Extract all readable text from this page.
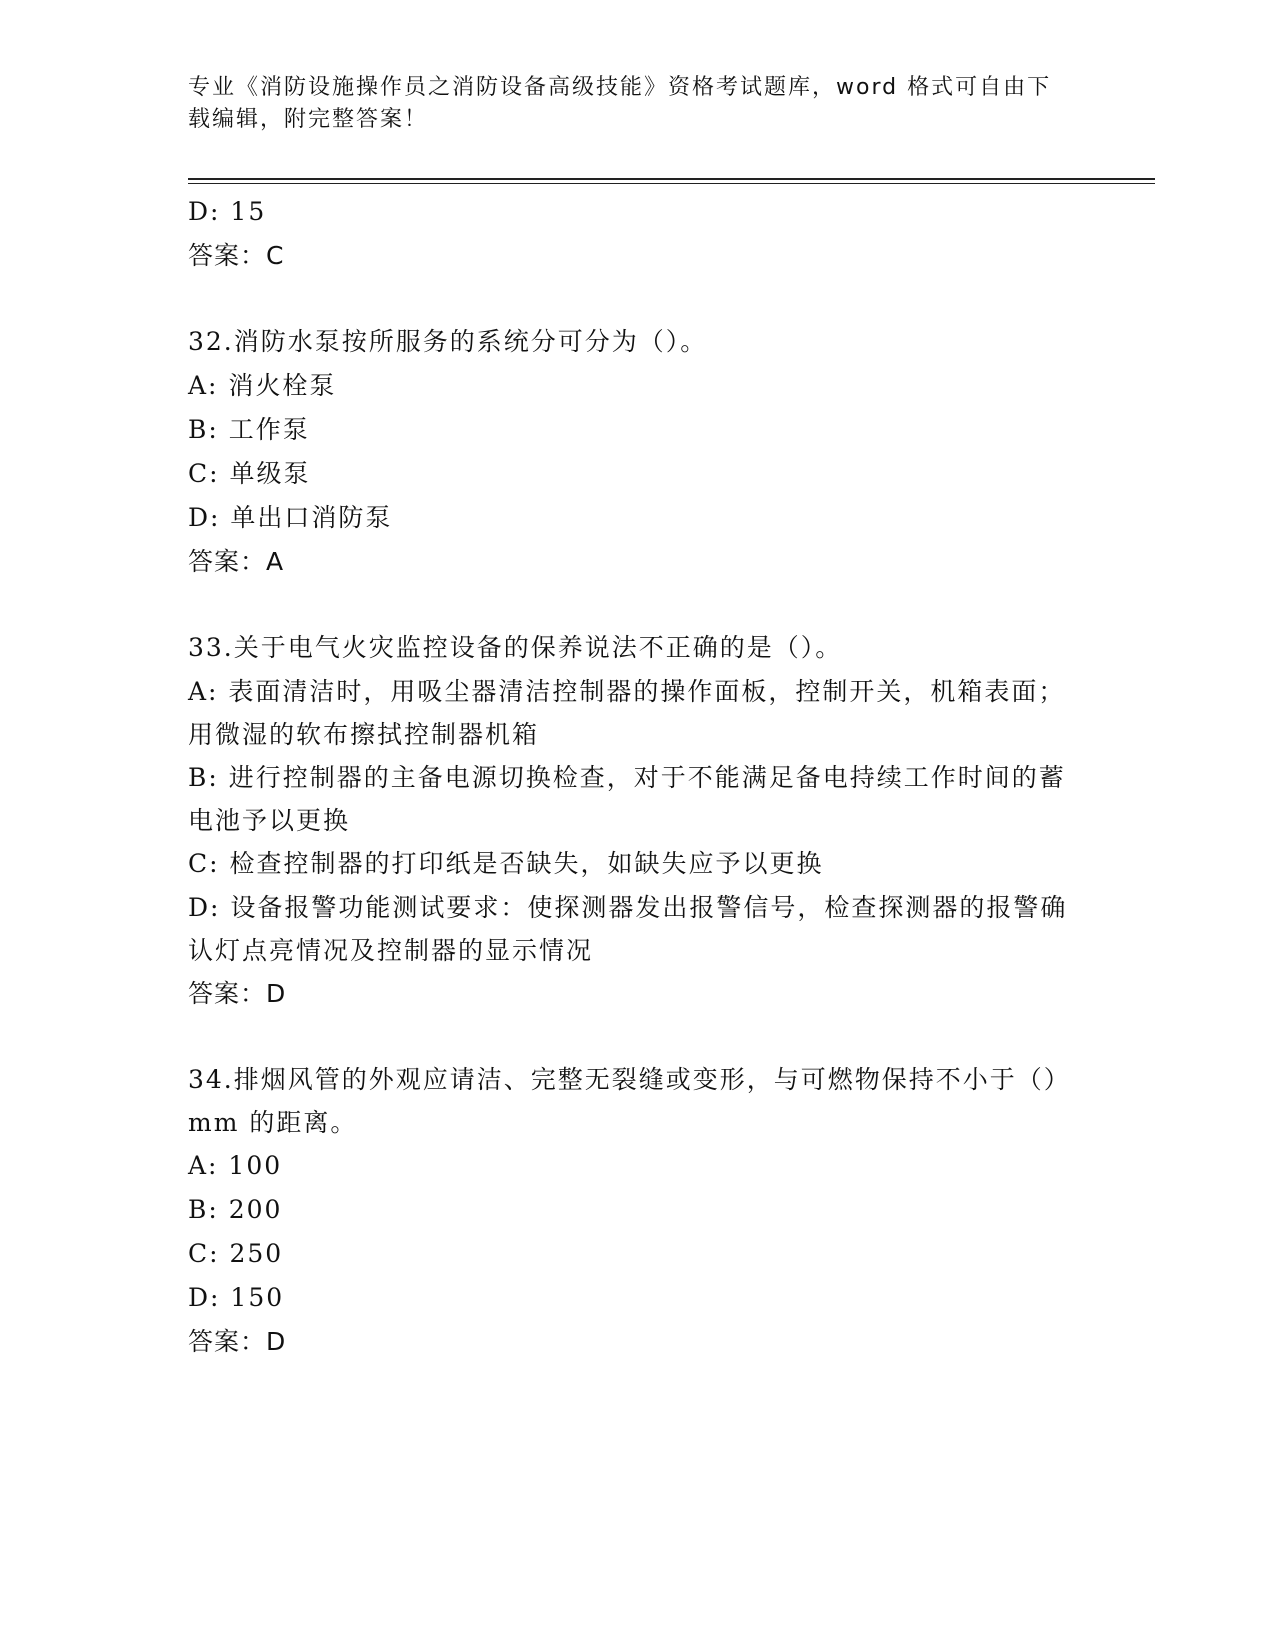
专业《消防设施操作员之消防设备高级技能》资格考试题库，word 格式可自由下
载编辑，附完整答案！
D: 15
答案：C
32.消防水泵按所服务的系统分可分为（）。
A: 消火栓泵
B: 工作泵
C: 单级泵
D: 单出口消防泵
答案：A
33.关于电气火灾监控设备的保养说法不正确的是（）。
A: 表面清洁时，用吸尘器清洁控制器的操作面板，控制开关，机箱表面；用微湿的软布擦拭控制器机箱
B: 进行控制器的主备电源切换检查，对于不能满足备电持续工作时间的蓄电池予以更换
C: 检查控制器的打印纸是否缺失，如缺失应予以更换
D: 设备报警功能测试要求：使探测器发出报警信号，检查探测器的报警确认灯点亮情况及控制器的显示情况
答案：D
34.排烟风管的外观应请洁、完整无裂缝或变形，与可燃物保持不小于（）mm 的距离。
A: 100
B: 200
C: 250
D: 150
答案：D
